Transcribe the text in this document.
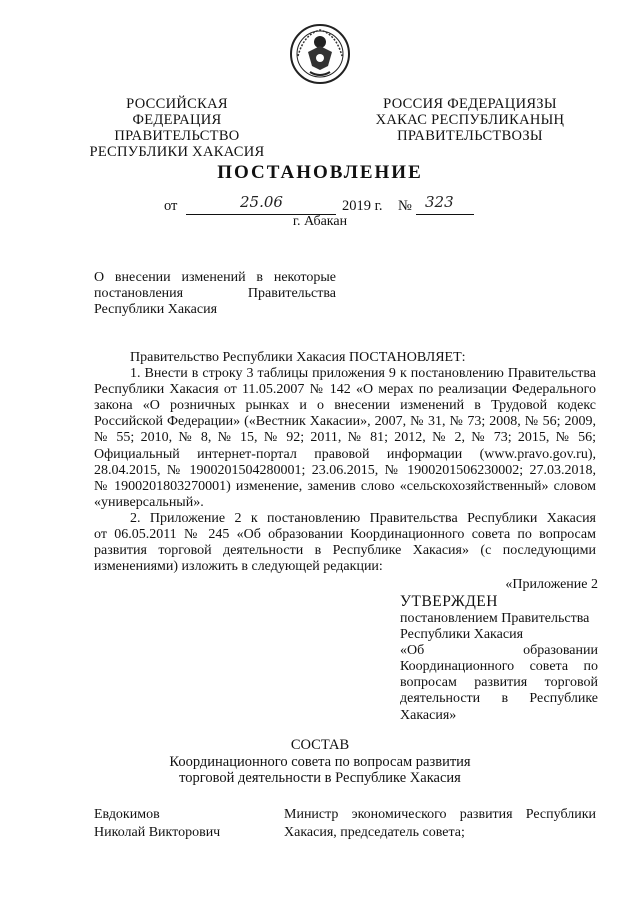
РОССИЙСКАЯ ФЕДЕРАЦИЯ
ПРАВИТЕЛЬСТВО
РЕСПУБЛИКИ ХАКАСИЯ
РОССИЯ ФЕДЕРАЦИЯЗЫ
ХАКАС РЕСПУБЛИКАНЫҢ
ПРАВИТЕЛЬСТВОЗЫ
ПОСТАНОВЛЕНИЕ
от	25.06	2019 г. № 323
г. Абакан
О внесении изменений в некоторые
постановления Правительства
Республики Хакасия
Правительство Республики Хакасия ПОСТАНОВЛЯЕТ:
1. Внести в строку 3 таблицы приложения 9 к постановлению Правительства
Республики Хакасия от 11.05.2007 № 142 «О мерах по реализации Федерального
закона «О розничных рынках и о внесении изменений в Трудовой кодекс
Российской Федерации» («Вестник Хакасии», 2007, № 31, № 73; 2008, № 56; 2009,
№ 55; 2010, № 8, № 15, № 92; 2011, № 81; 2012, № 2, № 73; 2015, № 56;
Официальный интернет-портал правовой информации (www.pravo.gov.ru),
28.04.2015, № 1900201504280001; 23.06.2015, № 1900201506230002; 27.03.2018,
№ 1900201803270001) изменение, заменив слово «сельскохозяйственный» словом
«универсальный».
2. Приложение 2 к постановлению Правительства Республики Хакасия
от 06.05.2011 № 245 «Об образовании Координационного совета по вопросам
развития торговой деятельности в Республике Хакасия» (с последующими
изменениями) изложить в следующей редакции:
«Приложение 2
УТВЕРЖДЕН
постановлением Правительства
Республики Хакасия
«Об образовании
Координационного совета по
вопросам развития торговой
деятельности в Республике
Хакасия»
СОСТАВ
Координационного совета по вопросам развития
торговой деятельности в Республике Хакасия
Евдокимов
Николай Викторович
Министр экономического развития Республики
Хакасия, председатель совета;
